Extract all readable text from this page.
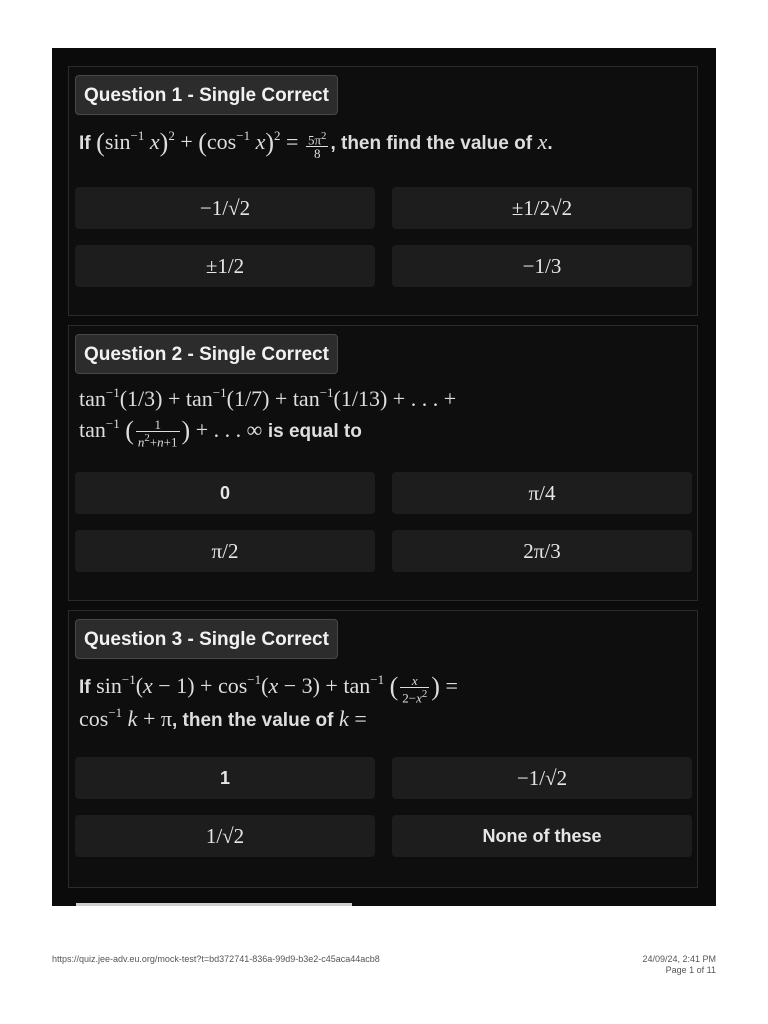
Question 1 - Single Correct
If ($\sin^{-1}$ $x)^2 + (\cos^{-1}$ $x)^2 = \frac{5\pi^2}{8}$ , then find the value of x.
−1/√2	±1/2√2
±1/2	−1/3
Question 2 - Single Correct
$\tan^{-1}(1/3) + \tan^{-1}(1/7) + \tan^{-1}(1/13)$ + . . . +
$\tan^{-1}$ ( $\frac{1}{n^2+n+1}$ ) + . . . ∞ is equal to
0	π/4
π/2	2π/3
Question 3 - Single Correct
If $\sin^{-1}(x - 1) + \cos^{-1}(x - 3) + \tan^{-1}$ ( $\frac{x}{2-x^2}$ ) =
$\cos^{-1} k + \pi$, then the value of k =
1	−1/√2
1/√2	None of these
https://quiz.jee-adv.eu.org/mock-test?t=bd372741-836a-99d9-b3e2-c45aca44acb8	24/09/24, 2:41 PM
Page 1 of 11
